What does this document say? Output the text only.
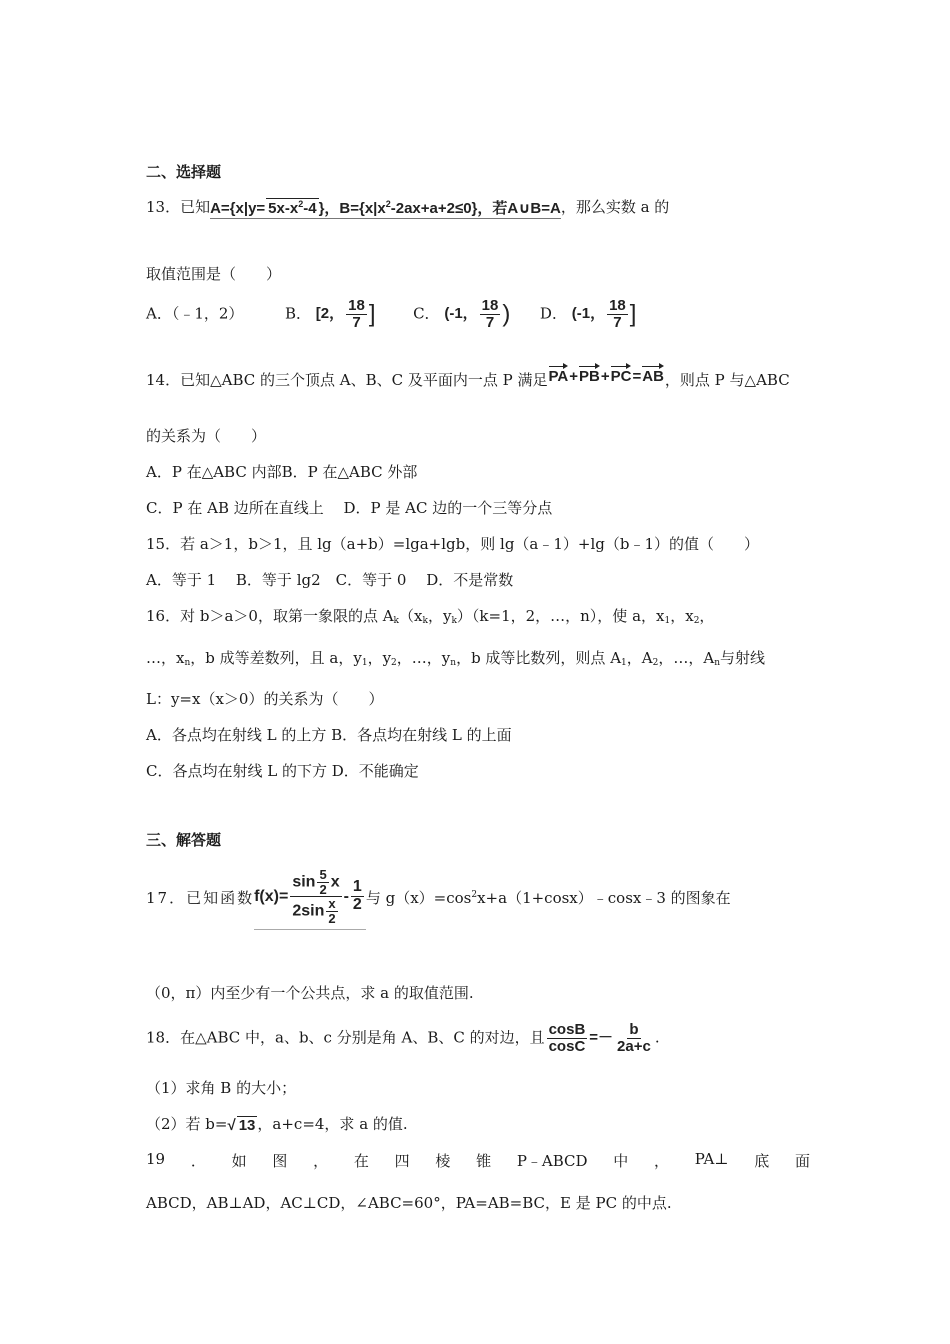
二、选择题
13．已知$A=\{x|y= 5x-x^2-4$ }，$B=\{x|x^2-2ax+a+2\le 0\}$，若A∪B=A，那么实数 a 的
取值范围是（　　）
A．（﹣1，2）	B． [2， $\frac{18}{7}$ ]	C． (-1， $\frac{18}{7}$ ) D． (-1， $\frac{18}{7}$ ]
14．已知△ABC 的三个顶点 A、B、C 及平面内一点 P 满足PA+PB+PC=AB，则点 P 与△ABC
的关系为（　　）
A．P 在△ABC 内部B．P 在△ABC 外部
C．P 在 AB 边所在直线上　 D．P 是 AC 边的一个三等分点
15．若 a＞1，b＞1，且 lg（a+b）=lga+lgb，则 lg（a﹣1）+lg（b﹣1）的值（　　）
A．等于 1　 B．等于 lg2　C．等于 0　 D．不是常数
16．对 b＞a＞0，取第一象限的点 $A_k(x_k$，$y_k)(k=1$，2，…，n），使 a，$x_1$，$x_2$，
…，$x_n$，b 成等差数列，且 a，$y_1$，$y_2$，…，$y_n$，b 成等比数列，则点 $A_1$，$A_2$，…，$A_n$与射线
L：y=x（x＞0）的关系为（　　）
A．各点均在射线 L 的上方 B．各点均在射线 L 的上面
C．各点均在射线 L 的下方 D．不能确定
三、解答题
17．已知函数$f(x)= \frac{\sin \frac{5}{2} x}{2\sin \frac{x}{2}} - \frac{1}{2}$ 与 $g(x)=\cos^2x+a(1+\cos x)﹣\cos x﹣3$ 的图象在
（0，π）内至少有一个公共点，求 a 的取值范围.
18．在△ABC 中，a、b、c 分别是角 A、B、C 的对边，且 $\frac{\cos B}{\cos C} =- \frac{b}{2a+c}$ .
（1）求角 B 的大小；
（2）若 b=√ 13 ，a+c=4，求 a 的值.
19 ． 如 图 ， 在 四 棱 锥 P﹣ABCD 中 ， PA⊥ 底 面
ABCD，AB⊥AD，AC⊥CD，∠ABC=60°，PA=AB=BC，E 是 PC 的中点.
